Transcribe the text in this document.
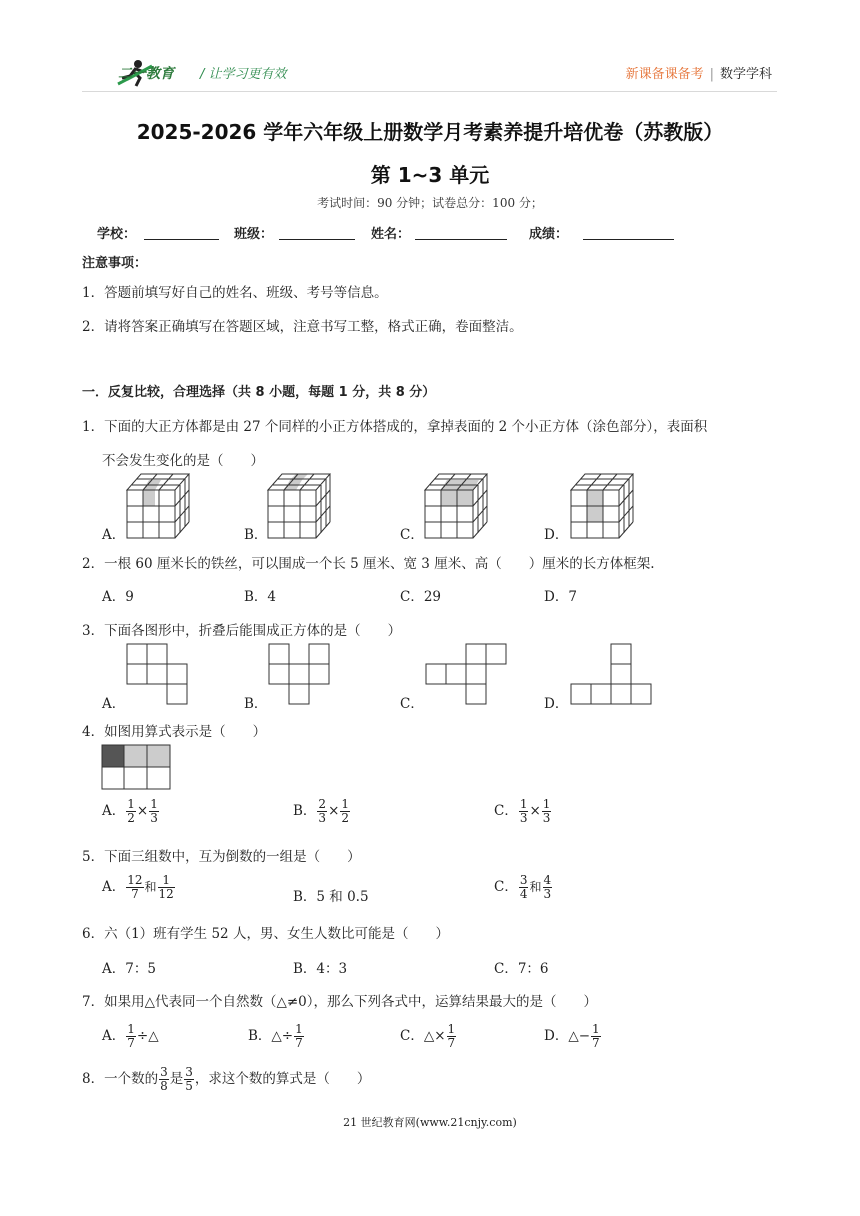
二一教育 / 让学习更有效	新课备课备考 | 数学学科
2025-2026 学年六年级上册数学月考素养提升培优卷（苏教版）
第 1~3 单元
考试时间：90 分钟；试卷总分：100 分；
学校：	班级：	姓名：	成绩：
注意事项：
1．答题前填写好自己的姓名、班级、考号等信息。
2．请将答案正确填写在答题区域，注意书写工整，格式正确，卷面整洁。
一．反复比较，合理选择（共 8 小题，每题 1 分，共 8 分）
1．下面的大正方体都是由 27 个同样的小正方体搭成的，拿掉表面的 2 个小正方体（涂色部分），表面积
不会发生变化的是（　　）
A．	B．	C．	D．
2．一根 60 厘米长的铁丝，可以围成一个长 5 厘米、宽 3 厘米、高（　　）厘米的长方体框架.
A．9	B．4	C．29	D．7
3．下面各图形中，折叠后能围成正方体的是（　　）
A．	B．	C．	D．
4．如图用算式表示是（　　）
A． $\frac{1}{2} \times \frac{1}{3}$	B． $\frac{2}{3} \times \frac{1}{2}$	C． $\frac{1}{3} \times \frac{1}{3}$
5．下面三组数中，互为倒数的一组是（　　）
A． $\frac{12}{7}$ 和 $\frac{1}{12}$	B．5 和 0.5
C． $\frac{3}{4}$ 和 $\frac{4}{3}$
6．六（1）班有学生 52 人，男、女生人数比可能是（　　）
A．7：5	B．4：3	C．7：6
7．如果用△代表同一个自然数（△≠0），那么下列各式中，运算结果最大的是（　　）
A． $\frac{1}{7}$ ÷△	B．△÷ $\frac{1}{7}$	C．△× $\frac{1}{7}$	D．△− $\frac{1}{7}$
8．一个数的 $\frac{3}{8}$ 是 $\frac{3}{5}$ ，求这个数的算式是（　　）
21 世纪教育网(www.21cnjy.com)
